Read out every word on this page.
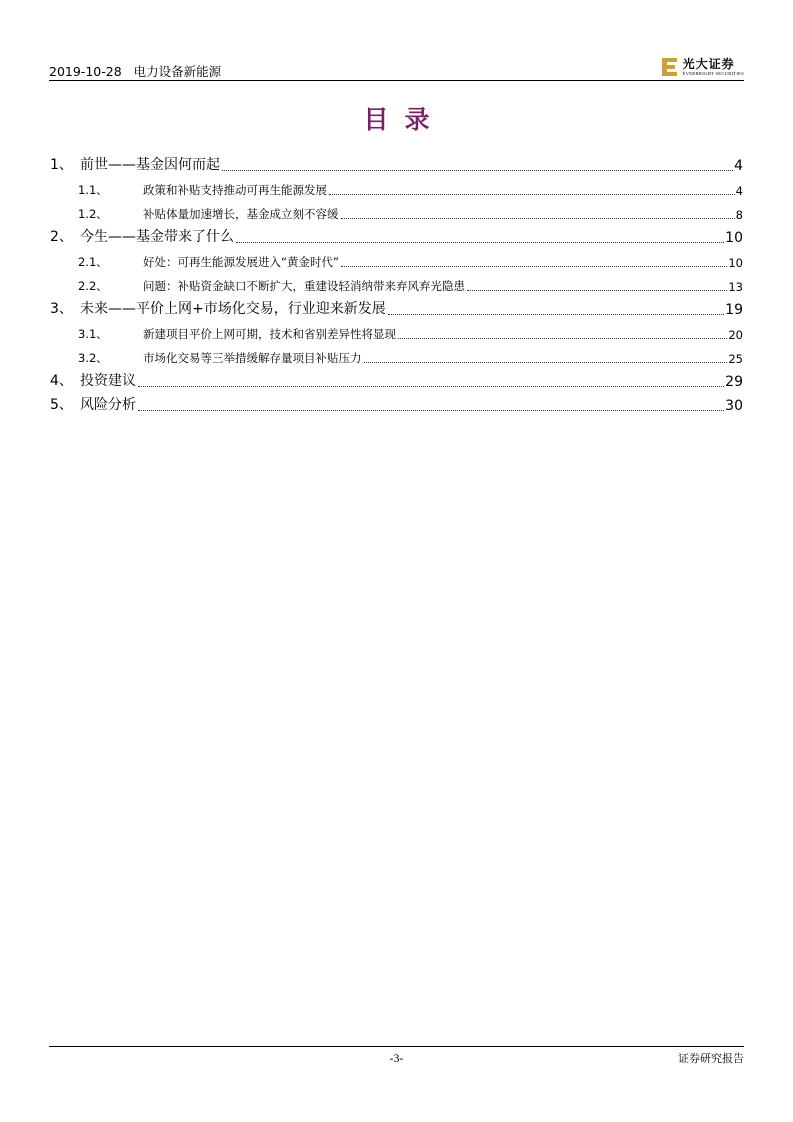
2019-10-28 电力设备新能源
光大证券
EVERBRIGHT SECURITIES
目录
1、 前世——基金因何而起	4
1.1、	政策和补贴支持推动可再生能源发展	4
1.2、	补贴体量加速增长，基金成立刻不容缓	8
2、 今生——基金带来了什么	10
2.1、	好处：可再生能源发展进入“黄金时代”	10
2.2、	问题：补贴资金缺口不断扩大，重建设轻消纳带来弃风弃光隐患	13
3、 未来——平价上网+市场化交易，行业迎来新发展	19
3.1、	新建项目平价上网可期，技术和省别差异性将显现	20
3.2、	市场化交易等三举措缓解存量项目补贴压力	25
4、 投资建议	29
5、 风险分析	30
-3-	证券研究报告
